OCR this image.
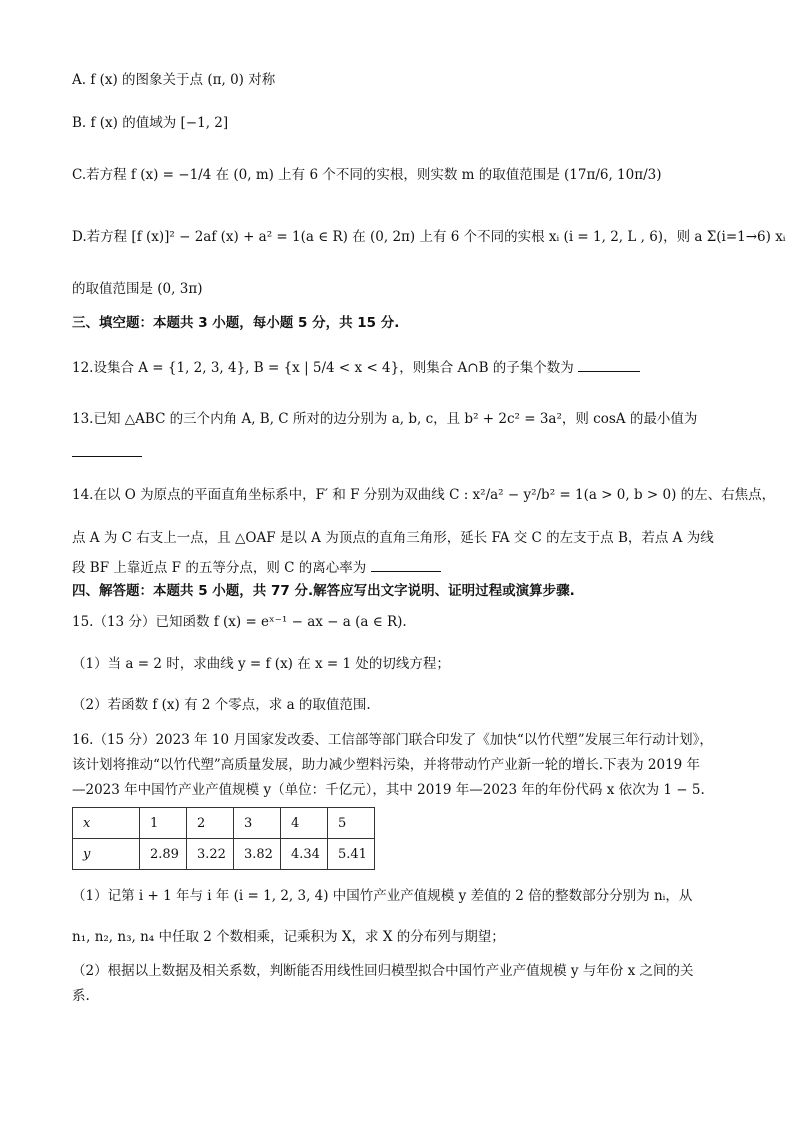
A. f (x) 的图象关于点 (π, 0) 对称
B. f (x) 的值域为 [−1, 2]
C.若方程 f (x) = −1/4 在 (0, m) 上有 6 个不同的实根，则实数 m 的取值范围是 (17π/6, 10π/3)
D.若方程 [f (x)]² − 2af (x) + a² = 1(a ∈ R) 在 (0, 2π) 上有 6 个不同的实根 xᵢ (i = 1, 2, L , 6)，则 a Σ(i=1→6) xᵢ
的取值范围是 (0, 3π)
三、填空题：本题共 3 小题，每小题 5 分，共 15 分.
12.设集合 A = {1, 2, 3, 4}, B = {x | 5/4 < x < 4}，则集合 A∩B 的子集个数为
13.已知 △ABC 的三个内角 A, B, C 所对的边分别为 a, b, c，且 b² + 2c² = 3a²，则 cosA 的最小值为
14.在以 O 为原点的平面直角坐标系中，F′ 和 F 分别为双曲线 C : x²/a² − y²/b² = 1(a > 0, b > 0) 的左、右焦点，
点 A 为 C 右支上一点，且 △OAF 是以 A 为顶点的直角三角形，延长 FA 交 C 的左支于点 B，若点 A 为线
段 BF 上靠近点 F 的五等分点，则 C 的离心率为
四、解答题：本题共 5 小题，共 77 分.解答应写出文字说明、证明过程或演算步骤.
15.（13 分）已知函数 f (x) = eˣ⁻¹ − ax − a (a ∈ R).
（1）当 a = 2 时，求曲线 y = f (x) 在 x = 1 处的切线方程；
（2）若函数 f (x) 有 2 个零点，求 a 的取值范围.
16.（15 分）2023 年 10 月国家发改委、工信部等部门联合印发了《加快“以竹代塑”发展三年行动计划》，
该计划将推动“以竹代塑”高质量发展，助力减少塑料污染，并将带动竹产业新一轮的增长.下表为 2019 年
—2023 年中国竹产业产值规模 y（单位：千亿元），其中 2019 年—2023 年的年份代码 x 依次为 1 − 5.
x	1	2	3	4	5
y	2.89	3.22	3.82	4.34	5.41
（1）记第 i + 1 年与 i 年 (i = 1, 2, 3, 4) 中国竹产业产值规模 y 差值的 2 倍的整数部分分别为 nᵢ，从
n₁, n₂, n₃, n₄ 中任取 2 个数相乘，记乘积为 X，求 X 的分布列与期望；
（2）根据以上数据及相关系数，判断能否用线性回归模型拟合中国竹产业产值规模 y 与年份 x 之间的关
系.
